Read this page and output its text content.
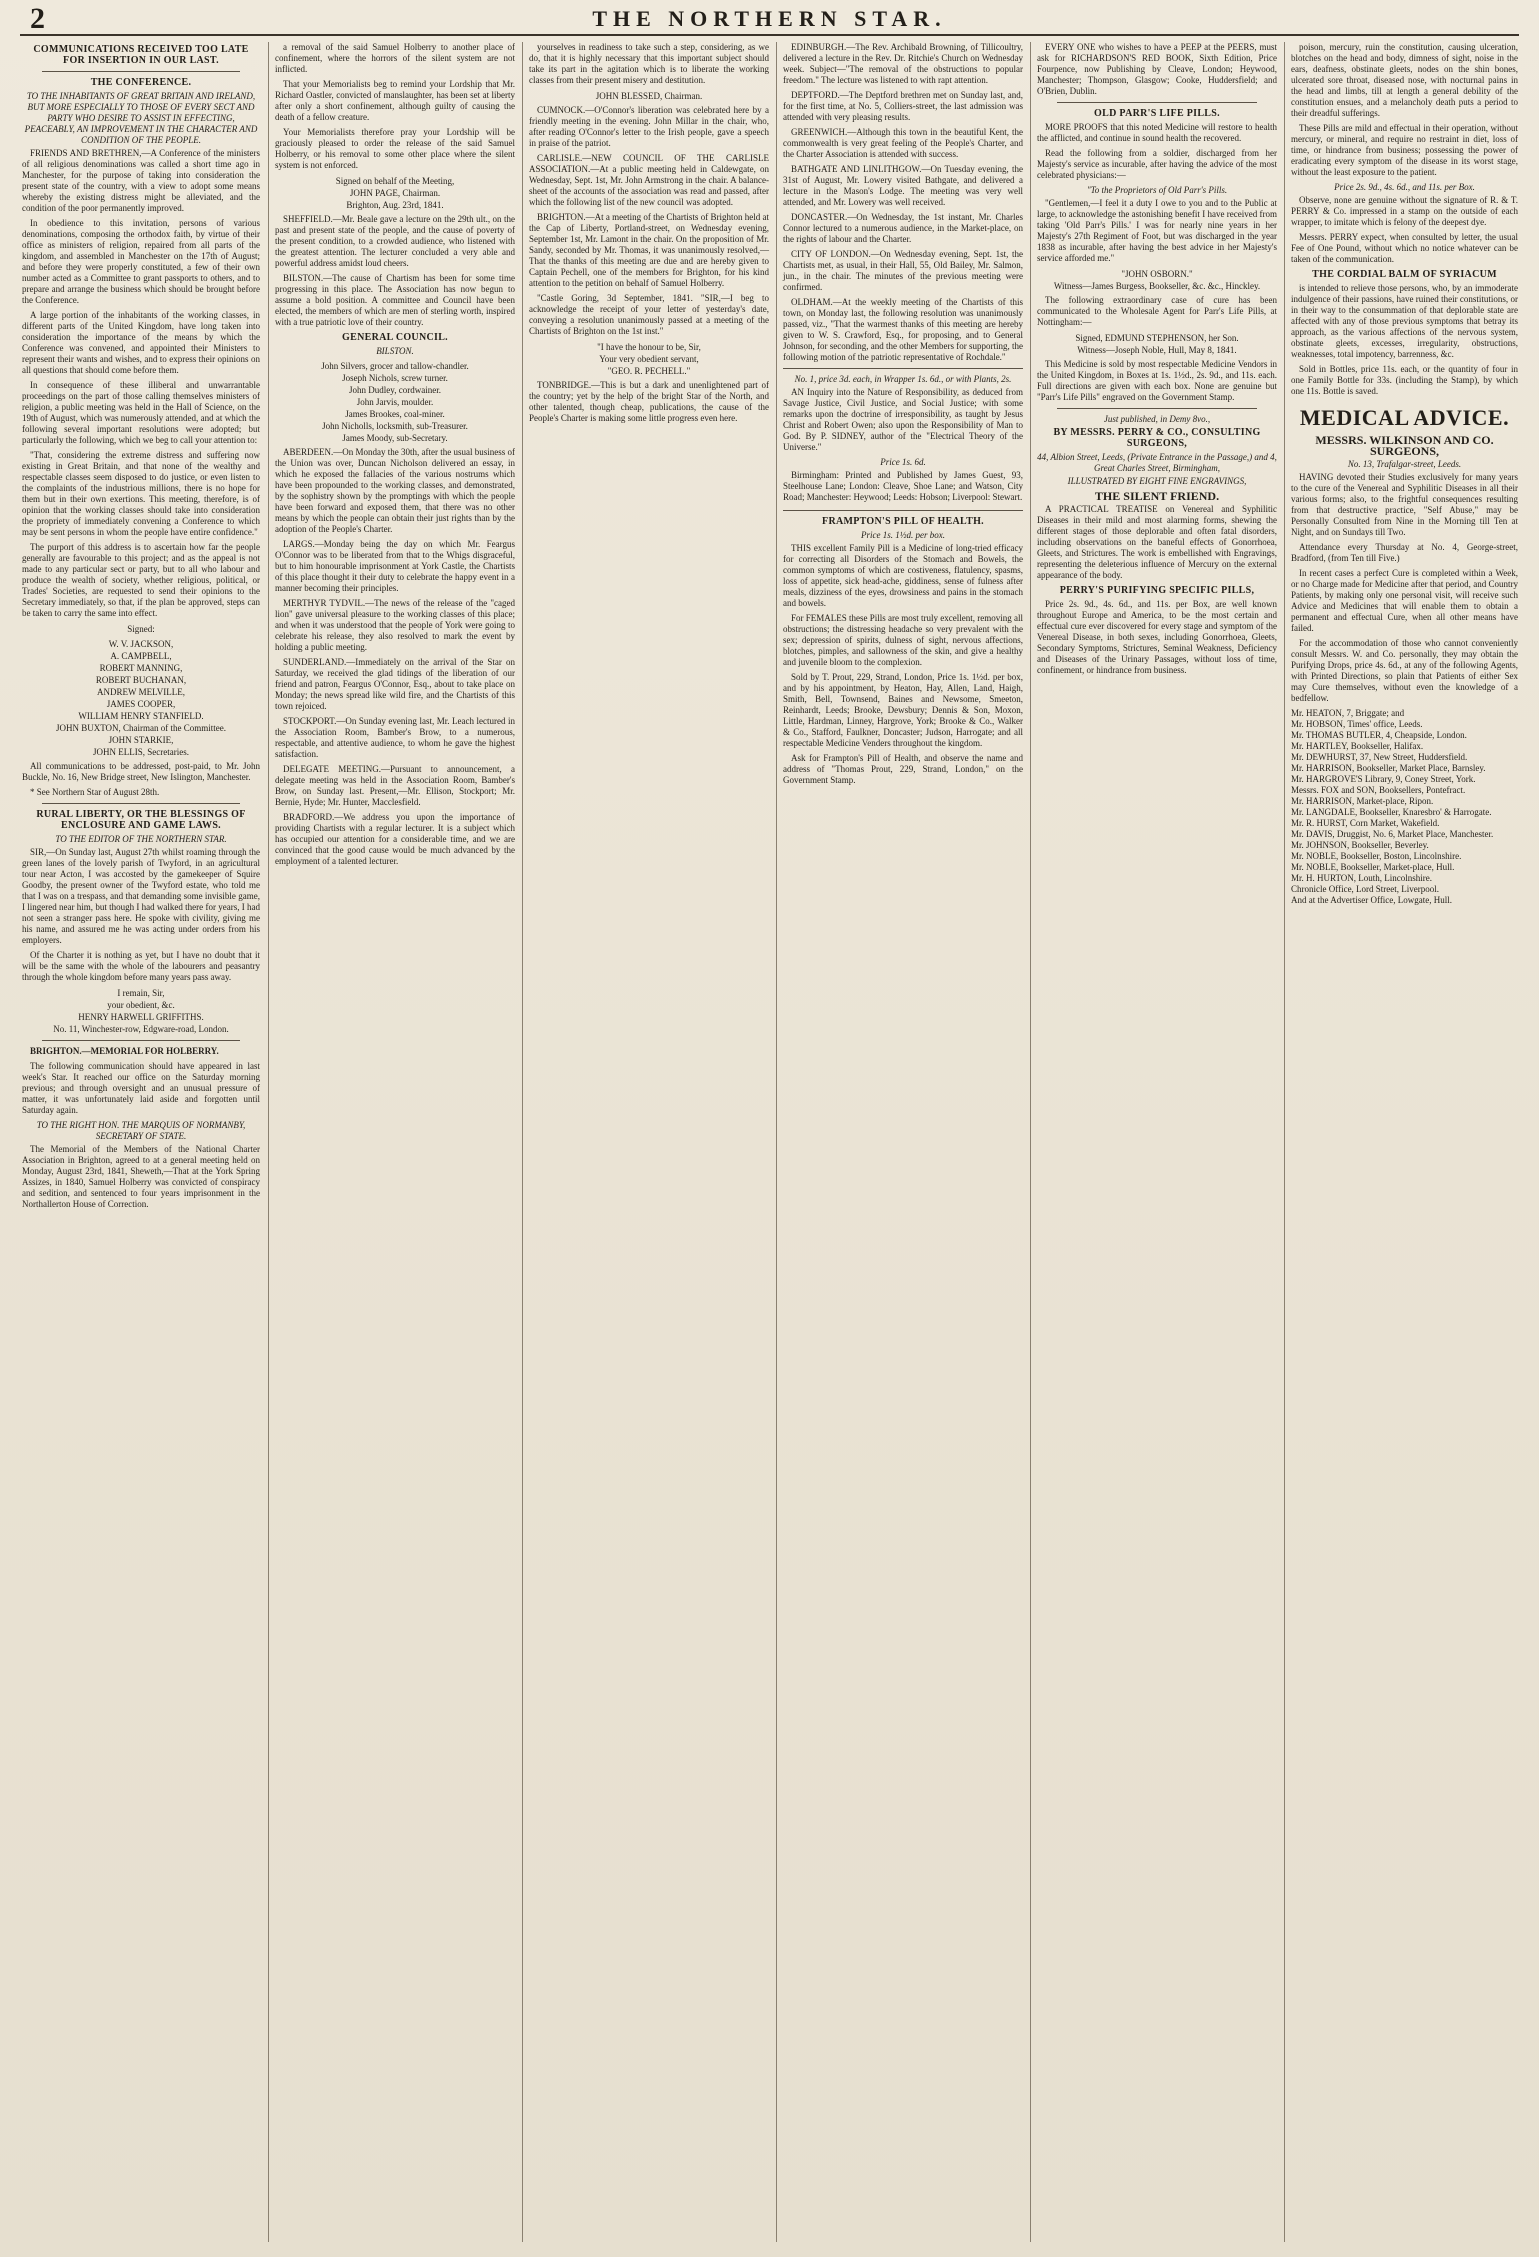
2	THE NORTHERN STAR.
COMMUNICATIONS RECEIVED TOO LATE FOR INSERTION IN OUR LAST.
THE CONFERENCE.
TO THE INHABITANTS OF GREAT BRITAIN AND IRELAND, BUT MORE ESPECIALLY TO THOSE OF EVERY SECT AND PARTY WHO DESIRE TO ASSIST IN EFFECTING, PEACEABLY, AN IMPROVEMENT IN THE CHARACTER AND CONDITION OF THE PEOPLE.

FRIENDS AND BRETHREN,—A Conference of the ministers of all religious denominations was called a short time ago in Manchester, for the purpose of taking into consideration the present state of the country, with a view to adopt some means whereby the existing distress might be alleviated, and the condition of the poor permanently improved.

In obedience to this invitation, persons of various denominations, composing the orthodox faith, by virtue of their office as ministers of religion, repaired from all parts of the kingdom, and assembled in Manchester on the 17th of August; and before they were properly constituted, a few of their own number acted as a Committee to grant passports to others, and to prepare and arrange the business which should be brought before the Conference.

A large portion of the inhabitants of the working classes, in different parts of the United Kingdom, have long taken into consideration the importance of the means by which the Conference was convened, and appointed their Ministers to represent their wants and wishes, and to express their opinions on all questions that should come before them.

In consequence of these illiberal and unwarrantable proceedings on the part of those calling themselves ministers of religion, a public meeting was held in the Hall of Science, on the 19th of August, which was numerously attended, and at which the following several important resolutions were adopted; but particularly the following, which we beg to call your attention to:

"That, considering the extreme distress and suffering now existing in Great Britain, and that none of the wealthy and respectable classes seem disposed to do justice, or even listen to the complaints of the industrious millions, there is no hope for them but in their own exertions. This meeting, therefore, is of opinion that the working classes should take into consideration the propriety of immediately convening a Conference to which may be sent persons in whom the people have entire confidence."

The purport of this address is to ascertain how far the people generally are favourable to this project; and as the appeal is not made to any particular sect or party, but to all who labour and produce the wealth of society, whether religious, political, or Trades' Societies, are requested to send their opinions to the Secretary immediately, so that, if the plan be approved, steps can be taken to carry the same into effect.

Signed:
W. V. JACKSON,
A. CAMPBELL,
ROBERT MANNING,
ROBERT BUCHANAN,
ANDREW MELVILLE,
JAMES COOPER,
WILLIAM HENRY STANFIELD.
JOHN BUXTON, Chairman of the Committee.
JOHN STARKIE,
JOHN ELLIS, Secretaries.

All communications to be addressed, post-paid, to Mr. John Buckle, No. 16, New Bridge street, New Islington, Manchester.

* See Northern Star of August 28th.

RURAL LIBERTY, OR THE BLESSINGS OF ENCLOSURE AND GAME LAWS.
TO THE EDITOR OF THE NORTHERN STAR.

SIR,—On Sunday last, August 27th whilst roaming through the green lanes of the lovely parish of Twyford, in an agricultural tour near Acton, I was accosted by the gamekeeper of Squire Goodby, the present owner of the Twyford estate, who told me that I was on a trespass, and that demanding some invisible game, I lingered near him, but though I had walked there for years, I had not seen a stranger pass here. He spoke with civility, giving me his name, and assured me he was acting under orders from his employers.

Of the Charter it is nothing as yet, but I have no doubt that it will be the same with the whole of the labourers and peasantry through the whole kingdom before many years pass away.

I remain, Sir,
your obedient, &c.
HENRY HARWELL GRIFFITHS.
No. 11, Winchester-row, Edgware-road, London.

BRIGHTON.—MEMORIAL FOR HOLBERRY.

The following communication should have appeared in last week's Star. It reached our office on the Saturday morning previous; and through oversight and an unusual pressure of matter, it was unfortunately laid aside and forgotten until Saturday again.

TO THE RIGHT HON. THE MARQUIS OF NORMANBY, SECRETARY OF STATE.

The Memorial of the Members of the National Charter Association in Brighton, agreed to at a general meeting held on Monday, August 23rd, 1841, Sheweth,—That at the York Spring Assizes, in 1840, Samuel Holberry was convicted of conspiracy and sedition, and sentenced to four years imprisonment in the Northallerton House of Correction.

a removal of the said Samuel Holberry to another place of confinement, where the horrors of the silent system are not inflicted.

That your Memorialists beg to remind your Lordship that Mr. Richard Oastler, convicted of manslaughter, has been set at liberty after only a short confinement, although guilty of causing the death of a fellow creature.

Your Memorialists therefore pray your Lordship will be graciously pleased to order the release of the said Samuel Holberry, or his removal to some other place where the silent system is not enforced.

Signed on behalf of the Meeting,
JOHN PAGE, Chairman.
Brighton, Aug. 23rd, 1841.

SHEFFIELD.—Mr. Beale gave a lecture on the 29th ult., on the past and present state of the people, and the cause of poverty of the present condition, to a crowded audience, who listened with the greatest attention. The lecturer concluded a very able and powerful address amidst loud cheers.

BILSTON.—The cause of Chartism has been for some time progressing in this place. The Association has now begun to assume a bold position. A committee and Council have been elected, the members of which are men of sterling worth, inspired with a true patriotic love of their country.

GENERAL COUNCIL.
BILSTON.
John Silvers, grocer and tallow-chandler.
Joseph Nichols, screw turner.
John Dudley, cordwainer.
John Jarvis, moulder.
James Brookes, coal-miner.
John Nicholls, locksmith, sub-Treasurer.
James Moody, sub-Secretary.

ABERDEEN.—On Monday the 30th, after the usual business of the Union was over, Duncan Nicholson delivered an essay, in which he exposed the fallacies of the various nostrums which have been propounded to the working classes, and demonstrated, by the sophistry shown by the promptings with which the people have been forward and exposed them, that there was no other means by which the people can obtain their just rights than by the adoption of the People's Charter.

LARGS.—Monday being the day on which Mr. Feargus O'Connor was to be liberated from that to the Whigs disgraceful, but to him honourable imprisonment at York Castle, the Chartists of this place thought it their duty to celebrate the happy event in a manner becoming their principles.

MERTHYR TYDVIL.—The news of the release of the "caged lion" gave universal pleasure to the working classes of this place; and when it was understood that the people of York were going to celebrate his release, they also resolved to mark the event by holding a public meeting.

SUNDERLAND.—Immediately on the arrival of the Star on Saturday, we received the glad tidings of the liberation of our friend and patron, Feargus O'Connor, Esq., about to take place on Monday; the news spread like wild fire, and the Chartists of this town rejoiced.

STOCKPORT.—On Sunday evening last, Mr. Leach lectured in the Association Room, Bamber's Brow, to a numerous, respectable, and attentive audience, to whom he gave the highest satisfaction.

DELEGATE MEETING.—Pursuant to announcement, a delegate meeting was held in the Association Room, Bamber's Brow, on Sunday last. Present,—Mr. Ellison, Stockport; Mr. Bernie, Hyde; Mr. Hunter, Macclesfield.

BRADFORD.—We address you upon the importance of providing Chartists with a regular lecturer. It is a subject which has occupied our attention for a considerable time, and we are convinced that the good cause would be much advanced by the employment of a talented lecturer.

yourselves in readiness to take such a step, considering, as we do, that it is highly necessary that this important subject should take its part in the agitation which is to liberate the working classes from their present misery and destitution.

JOHN BLESSED, Chairman.

CUMNOCK.—O'Connor's liberation was celebrated here by a friendly meeting in the evening. John Millar in the chair, who, after reading O'Connor's letter to the Irish people, gave a speech in praise of the patriot.

CARLISLE.—NEW COUNCIL OF THE CARLISLE ASSOCIATION.—At a public meeting held in Caldewgate, on Wednesday, Sept. 1st, Mr. John Armstrong in the chair. A balance-sheet of the accounts of the association was read and passed, after which the following list of the new council was adopted.

BRIGHTON.—At a meeting of the Chartists of Brighton held at the Cap of Liberty, Portland-street, on Wednesday evening, September 1st, Mr. Lamont in the chair. On the proposition of Mr. Sandy, seconded by Mr. Thomas, it was unanimously resolved,—That the thanks of this meeting are due and are hereby given to Captain Pechell, one of the members for Brighton, for his kind attention to the petition on behalf of Samuel Holberry.

"Castle Goring, 3d September, 1841. "SIR,—I beg to acknowledge the receipt of your letter of yesterday's date, conveying a resolution unanimously passed at a meeting of the Chartists of Brighton on the 1st inst."

"I have the honour to be, Sir,
Your very obedient servant,
"GEO. R. PECHELL."

TONBRIDGE.—This is but a dark and unenlightened part of the country; yet by the help of the bright Star of the North, and other talented, though cheap, publications, the cause of the People's Charter is making some little progress even here.

EDINBURGH.—The Rev. Archibald Browning, of Tillicoultry, delivered a lecture in the Rev. Dr. Ritchie's Church on Wednesday week. Subject—"The removal of the obstructions to popular freedom." The lecture was listened to with rapt attention.

DEPTFORD.—The Deptford brethren met on Sunday last, and, for the first time, at No. 5, Colliers-street, the last admission was attended with very pleasing results.

GREENWICH.—Although this town in the beautiful Kent, the commonwealth is very great feeling of the People's Charter, and the Charter Association is attended with success.

BATHGATE AND LINLITHGOW.—On Tuesday evening, the 31st of August, Mr. Lowery visited Bathgate, and delivered a lecture in the Mason's Lodge. The meeting was very well attended, and Mr. Lowery was well received.

DONCASTER.—On Wednesday, the 1st instant, Mr. Charles Connor lectured to a numerous audience, in the Market-place, on the rights of labour and the Charter.

CITY OF LONDON.—On Wednesday evening, Sept. 1st, the Chartists met, as usual, in their Hall, 55, Old Bailey, Mr. Salmon, jun., in the chair. The minutes of the previous meeting were confirmed.

OLDHAM.—At the weekly meeting of the Chartists of this town, on Monday last, the following resolution was unanimously passed, viz., "That the warmest thanks of this meeting are hereby given to W. S. Crawford, Esq., for proposing, and to General Johnson, for seconding, and the other Members for supporting, the following motion of the patriotic representative of Rochdale."

No. 1, price 3d. each, in Wrapper 1s. 6d., or with Plants, 2s.

AN Inquiry into the Nature of Responsibility, as deduced from Savage Justice, Civil Justice, and Social Justice; with some remarks upon the doctrine of irresponsibility, as taught by Jesus Christ and Robert Owen; also upon the Responsibility of Man to God. By P. SIDNEY, author of the "Electrical Theory of the Universe."

Price 1s. 6d.

Birmingham: Printed and Published by James Guest, 93, Steelhouse Lane; London: Cleave, Shoe Lane; and Watson, City Road; Manchester: Heywood; Leeds: Hobson; Liverpool: Stewart.

FRAMPTON'S PILL OF HEALTH.
Price 1s. 1½d. per box.

THIS excellent Family Pill is a Medicine of long-tried efficacy for correcting all Disorders of the Stomach and Bowels, the common symptoms of which are costiveness, flatulency, spasms, loss of appetite, sick head-ache, giddiness, sense of fulness after meals, dizziness of the eyes, drowsiness and pains in the stomach and bowels.

For FEMALES these Pills are most truly excellent, removing all obstructions; the distressing headache so very prevalent with the sex; depression of spirits, dulness of sight, nervous affections, blotches, pimples, and sallowness of the skin, and give a healthy and juvenile bloom to the complexion.

Sold by T. Prout, 229, Strand, London, Price 1s. 1½d. per box, and by his appointment, by Heaton, Hay, Allen, Land, Haigh, Smith, Bell, Townsend, Baines and Newsome, Smeeton, Reinhardt, Leeds; Brooke, Dewsbury; Dennis & Son, Moxon, Little, Hardman, Linney, Hargrove, York; Brooke & Co., Walker & Co., Stafford, Faulkner, Doncaster; Judson, Harrogate; and all respectable Medicine Venders throughout the kingdom.

Ask for Frampton's Pill of Health, and observe the name and address of "Thomas Prout, 229, Strand, London," on the Government Stamp.

EVERY ONE who wishes to have a PEEP at the PEERS, must ask for RICHARDSON'S RED BOOK, Sixth Edition, Price Fourpence, now Publishing by Cleave, London; Heywood, Manchester; Thompson, Glasgow; Cooke, Huddersfield; and O'Brien, Dublin.

OLD PARR'S LIFE PILLS.

MORE PROOFS that this noted Medicine will restore to health the afflicted, and continue in sound health the recovered.

Read the following from a soldier, discharged from her Majesty's service as incurable, after having the advice of the most celebrated physicians:—

"To the Proprietors of Old Parr's Pills.

"Gentlemen,—I feel it a duty I owe to you and to the Public at large, to acknowledge the astonishing benefit I have received from taking 'Old Parr's Pills.' I was for nearly nine years in her Majesty's 27th Regiment of Foot, but was discharged in the year 1838 as incurable, after having the best advice in her Majesty's service afforded me."

"JOHN OSBORN."
Witness—James Burgess, Bookseller, &c. &c., Hinckley.

The following extraordinary case of cure has been communicated to the Wholesale Agent for Parr's Life Pills, at Nottingham:—

Signed, EDMUND STEPHENSON, her Son.
Witness—Joseph Noble, Hull, May 8, 1841.

This Medicine is sold by most respectable Medicine Vendors in the United Kingdom, in Boxes at 1s. 1½d., 2s. 9d., and 11s. each. Full directions are given with each box. None are genuine but "Parr's Life Pills" engraved on the Government Stamp.

Just published, in Demy 8vo.,
BY MESSRS. PERRY & CO., CONSULTING SURGEONS,
44, Albion Street, Leeds, (Private Entrance in the Passage,) and 4, Great Charles Street, Birmingham,
ILLUSTRATED BY EIGHT FINE ENGRAVINGS,
THE SILENT FRIEND.

A PRACTICAL TREATISE on Venereal and Syphilitic Diseases in their mild and most alarming forms, shewing the different stages of those deplorable and often fatal disorders, including observations on the baneful effects of Gonorrhoea, Gleets, and Strictures. The work is embellished with Engravings, representing the deleterious influence of Mercury on the external appearance of the body.

PERRY'S PURIFYING SPECIFIC PILLS,

Price 2s. 9d., 4s. 6d., and 11s. per Box, are well known throughout Europe and America, to be the most certain and effectual cure ever discovered for every stage and symptom of the Venereal Disease, in both sexes, including Gonorrhoea, Gleets, Secondary Symptoms, Strictures, Seminal Weakness, Deficiency and Diseases of the Urinary Passages, without loss of time, confinement, or hindrance from business.

poison, mercury, ruin the constitution, causing ulceration, blotches on the head and body, dimness of sight, noise in the ears, deafness, obstinate gleets, nodes on the shin bones, ulcerated sore throat, diseased nose, with nocturnal pains in the head and limbs, till at length a general debility of the constitution ensues, and a melancholy death puts a period to their dreadful sufferings.

These Pills are mild and effectual in their operation, without mercury, or mineral, and require no restraint in diet, loss of time, or hindrance from business; possessing the power of eradicating every symptom of the disease in its worst stage, without the least exposure to the patient.

Price 2s. 9d., 4s. 6d., and 11s. per Box.

Observe, none are genuine without the signature of R. & T. PERRY & Co. impressed in a stamp on the outside of each wrapper, to imitate which is felony of the deepest dye.

Messrs. PERRY expect, when consulted by letter, the usual Fee of One Pound, without which no notice whatever can be taken of the communication.

THE CORDIAL BALM OF SYRIACUM

is intended to relieve those persons, who, by an immoderate indulgence of their passions, have ruined their constitutions, or in their way to the consummation of that deplorable state are affected with any of those previous symptoms that betray its approach, as the various affections of the nervous system, obstinate gleets, excesses, irregularity, obstructions, weaknesses, total impotency, barrenness, &c.

Sold in Bottles, price 11s. each, or the quantity of four in one Family Bottle for 33s. (including the Stamp), by which one 11s. Bottle is saved.

MEDICAL ADVICE.
MESSRS. WILKINSON AND CO. SURGEONS,
No. 13, Trafalgar-street, Leeds.

HAVING devoted their Studies exclusively for many years to the cure of the Venereal and Syphilitic Diseases in all their various forms; also, to the frightful consequences resulting from that destructive practice, "Self Abuse," may be Personally Consulted from Nine in the Morning till Ten at Night, and on Sundays till Two.

Attendance every Thursday at No. 4, George-street, Bradford, (from Ten till Five.)

In recent cases a perfect Cure is completed within a Week, or no Charge made for Medicine after that period, and Country Patients, by making only one personal visit, will receive such Advice and Medicines that will enable them to obtain a permanent and effectual Cure, when all other means have failed.

For the accommodation of those who cannot conveniently consult Messrs. W. and Co. personally, they may obtain the Purifying Drops, price 4s. 6d., at any of the following Agents, with Printed Directions, so plain that Patients of either Sex may Cure themselves, without even the knowledge of a bedfellow.

Mr. HEATON, 7, Briggate; and
Mr. HOBSON, Times' office, Leeds.
Mr. THOMAS BUTLER, 4, Cheapside, London.
Mr. HARTLEY, Bookseller, Halifax.
Mr. DEWHURST, 37, New Street, Huddersfield.
Mr. HARRISON, Bookseller, Market Place, Barnsley.
Mr. HARGROVE'S Library, 9, Coney Street, York.
Messrs. FOX and SON, Booksellers, Pontefract.
Mr. HARRISON, Market-place, Ripon.
Mr. LANGDALE, Bookseller, Knaresbro' & Harrogate.
Mr. R. HURST, Corn Market, Wakefield.
Mr. DAVIS, Druggist, No. 6, Market Place, Manchester.
Mr. JOHNSON, Bookseller, Beverley.
Mr. NOBLE, Bookseller, Boston, Lincolnshire.
Mr. NOBLE, Bookseller, Market-place, Hull.
Mr. H. HURTON, Louth, Lincolnshire.
Chronicle Office, Lord Street, Liverpool.
And at the Advertiser Office, Lowgate, Hull.
